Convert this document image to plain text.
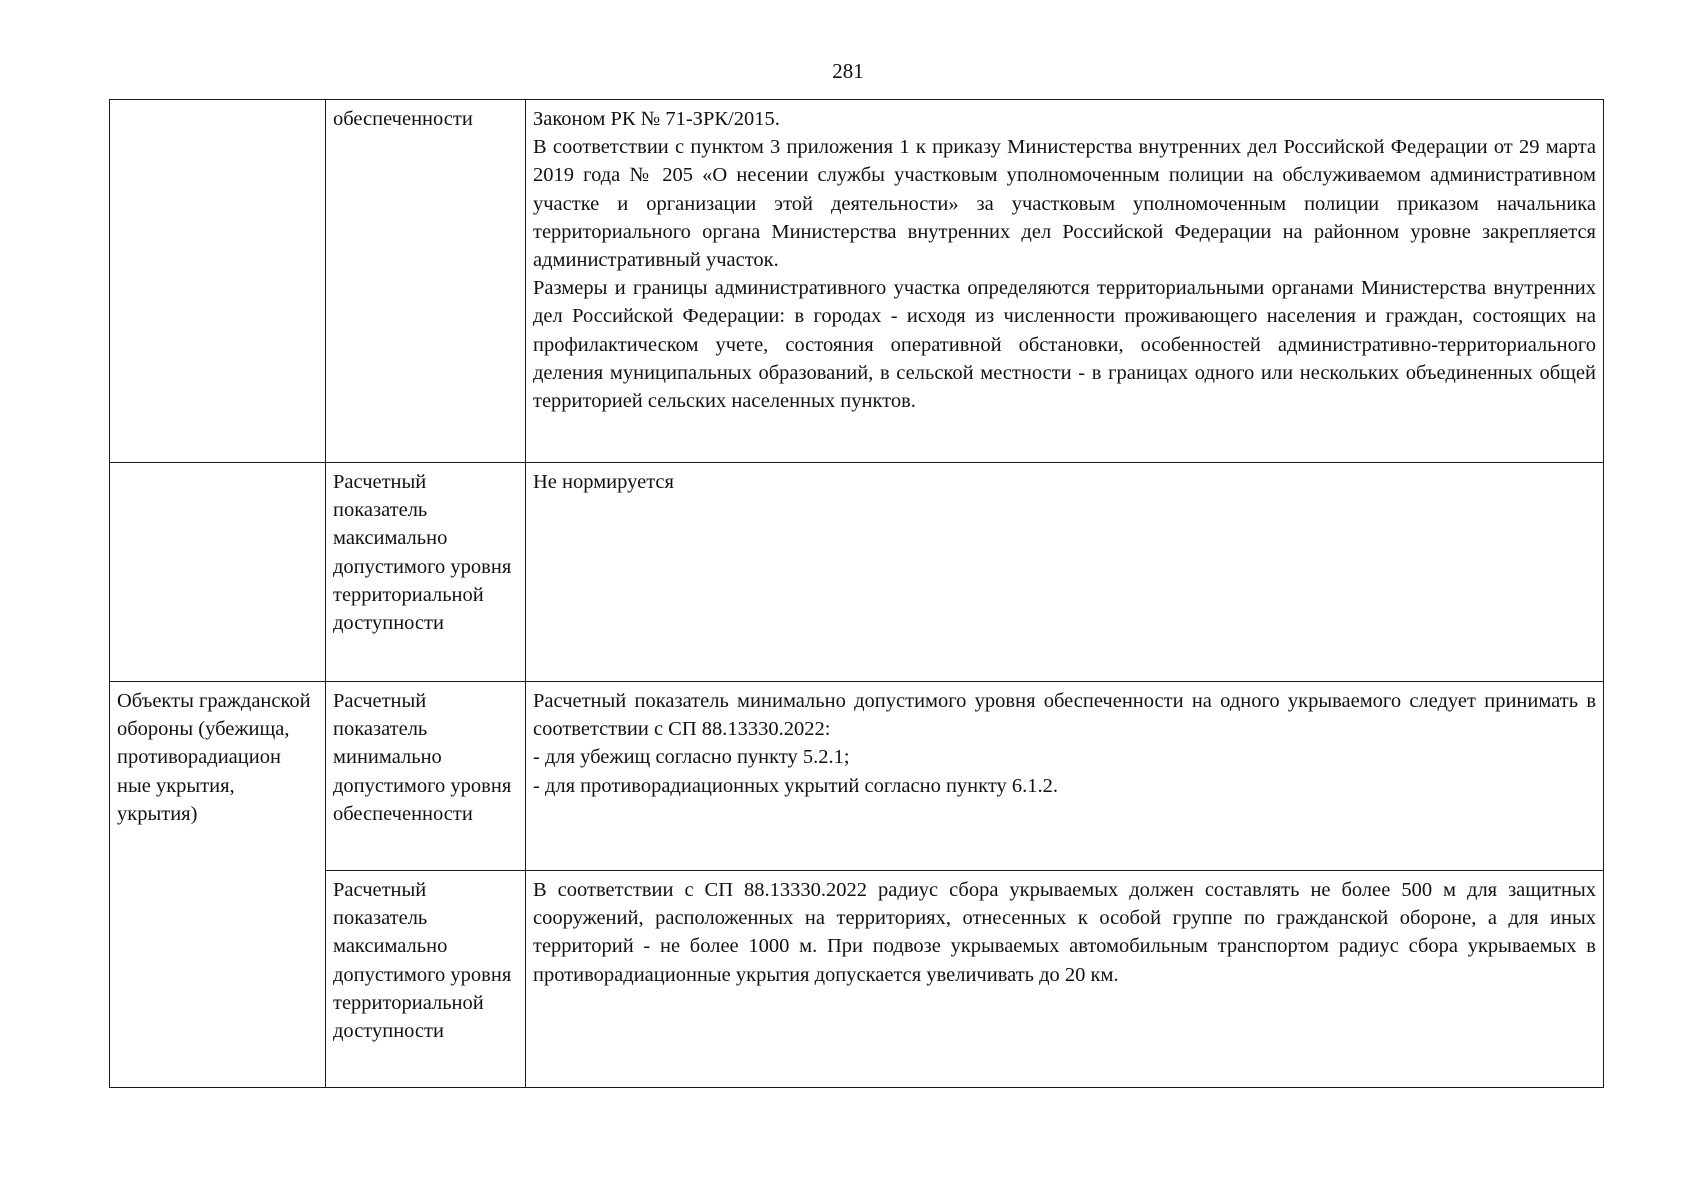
281
	обеспеченности	Законом РК № 71-ЗРК/2015.
В соответствии с пунктом 3 приложения 1 к приказу Министерства внутренних дел Российской Федерации от 29 марта 2019 года № 205 «О несении службы участковым уполномоченным полиции на обслуживаемом административном участке и организации этой деятельности» за участковым уполномоченным полиции приказом начальника территориального органа Министерства внутренних дел Российской Федерации на районном уровне закрепляется административный участок.
Размеры и границы административного участка определяются территориальными органами Министерства внутренних дел Российской Федерации: в городах - исходя из численности проживающего населения и граждан, состоящих на профилактическом учете, состояния оперативной обстановки, особенностей административно-территориального деления муниципальных образований, в сельской местности - в границах одного или нескольких объединенных общей территорией сельских населенных пунктов.

	Расчетный показатель максимально допустимого уровня территориальной доступности	Не нормируется

Объекты гражданской обороны (убежища, противорадиацион ные укрытия, укрытия)	Расчетный показатель минимально допустимого уровня обеспеченности	Расчетный показатель минимально допустимого уровня обеспеченности на одного укрываемого следует принимать в соответствии с СП 88.13330.2022:
- для убежищ согласно пункту 5.2.1;
- для противорадиационных укрытий согласно пункту 6.1.2.

	Расчетный показатель максимально допустимого уровня территориальной доступности	В соответствии с СП 88.13330.2022 радиус сбора укрываемых должен составлять не более 500 м для защитных сооружений, расположенных на территориях, отнесенных к особой группе по гражданской обороне, а для иных территорий - не более 1000 м. При подвозе укрываемых автомобильным транспортом радиус сбора укрываемых в противорадиационные укрытия допускается увеличивать до 20 км.
